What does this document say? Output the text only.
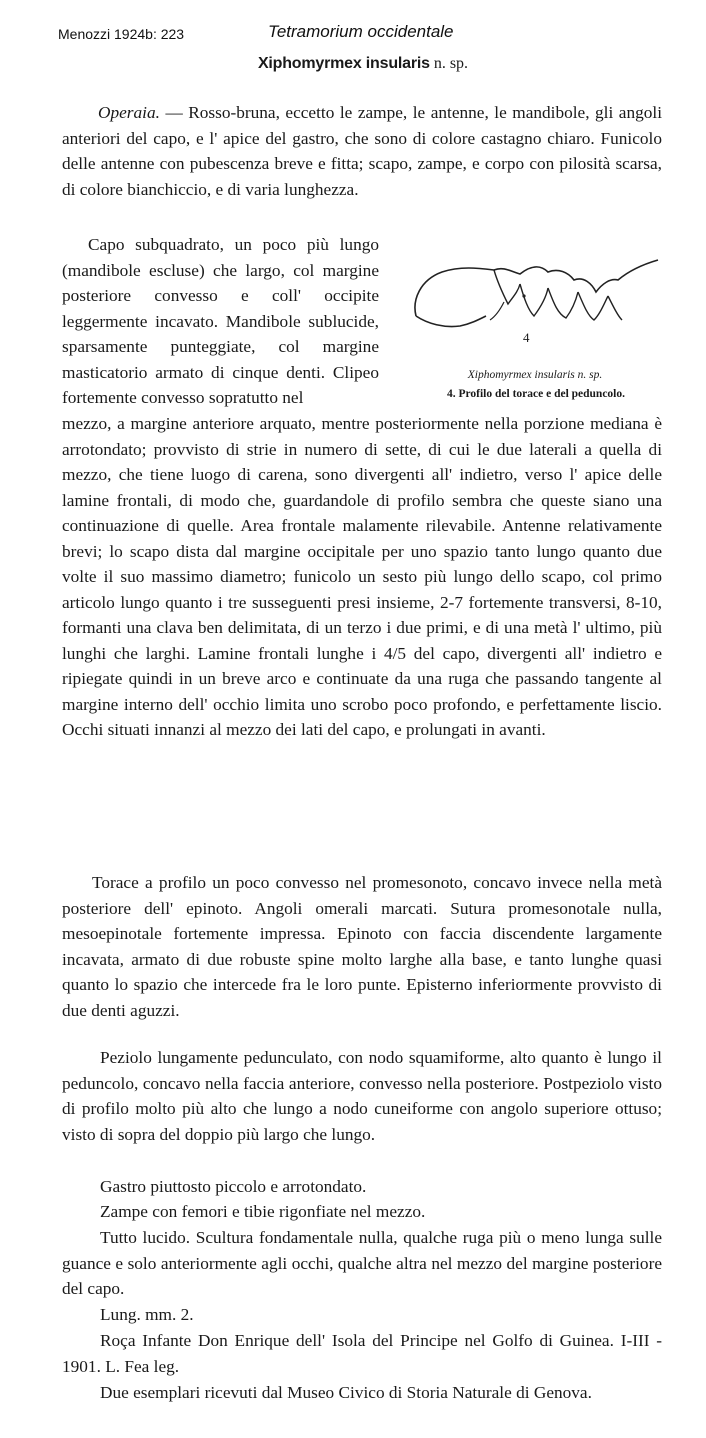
Menozzi 1924b: 223	Tetramorium occidentale
Xiphomyrmex insularis n. sp.

Operaia. — Rosso-bruna, eccetto le zampe, le antenne, le mandibole, gli angoli anteriori del capo, e l' apice del gastro, che sono di colore castagno chiaro. Funicolo delle antenne con pubescenza breve e fitta; scapo, zampe, e corpo con pilosità scarsa, di colore bianchiccio, e di varia lunghezza.

Capo subquadrato, un poco più lungo (mandibole escluse) che largo, col margine posteriore convesso e coll' occipite leggermente incavato. Mandibole sublucide, sparsamente punteggiate, col margine masticatorio armato di cinque denti. Clipeo fortemente convesso sopratutto nel

4
Xiphomyrmex insularis n. sp.
4. Profilo del torace e del peduncolo.

mezzo, a margine anteriore arquato, mentre posteriormente nella porzione mediana è arrotondato; provvisto di strie in numero di sette, di cui le due laterali a quella di mezzo, che tiene luogo di carena, sono divergenti all' indietro, verso l' apice delle lamine frontali, di modo che, guardandole di profilo sembra che queste siano una continuazione di quelle. Area frontale malamente rilevabile. Antenne relativamente brevi; lo scapo dista dal margine occipitale per uno spazio tanto lungo quanto due volte il suo massimo diametro; funicolo un sesto più lungo dello scapo, col primo articolo lungo quanto i tre susseguenti presi insieme, 2-7 fortemente transversi, 8-10, formanti una clava ben delimitata, di un terzo i due primi, e di una metà l' ultimo, più lunghi che larghi. Lamine frontali lunghe i 4/5 del capo, divergenti all' indietro e ripiegate quindi in un breve arco e continuate da una ruga che passando tangente al margine interno dell' occhio limita uno scrobo poco profondo, e perfettamente liscio. Occhi situati innanzi al mezzo dei lati del capo, e prolungati in avanti.

Torace a profilo un poco convesso nel promesonoto, concavo invece nella metà posteriore dell' epinoto. Angoli omerali marcati. Sutura promesonotale nulla, mesoepinotale fortemente impressa. Epinoto con faccia discendente largamente incavata, armato di due robuste spine molto larghe alla base, e tanto lunghe quasi quanto lo spazio che intercede fra le loro punte. Episterno inferiormente provvisto di due denti aguzzi.

Peziolo lungamente pedunculato, con nodo squamiforme, alto quanto è lungo il peduncolo, concavo nella faccia anteriore, convesso nella posteriore. Postpeziolo visto di profilo molto più alto che lungo a nodo cuneiforme con angolo superiore ottuso; visto di sopra del doppio più largo che lungo.

Gastro piuttosto piccolo e arrotondato.

Zampe con femori e tibie rigonfiate nel mezzo.

Tutto lucido. Scultura fondamentale nulla, qualche ruga più o meno lunga sulle guance e solo anteriormente agli occhi, qualche altra nel mezzo del margine posteriore del capo.

Lung. mm. 2.

Roça Infante Don Enrique dell' Isola del Principe nel Golfo di Guinea. I-III - 1901. L. Fea leg.

Due esemplari ricevuti dal Museo Civico di Storia Naturale di Genova.
